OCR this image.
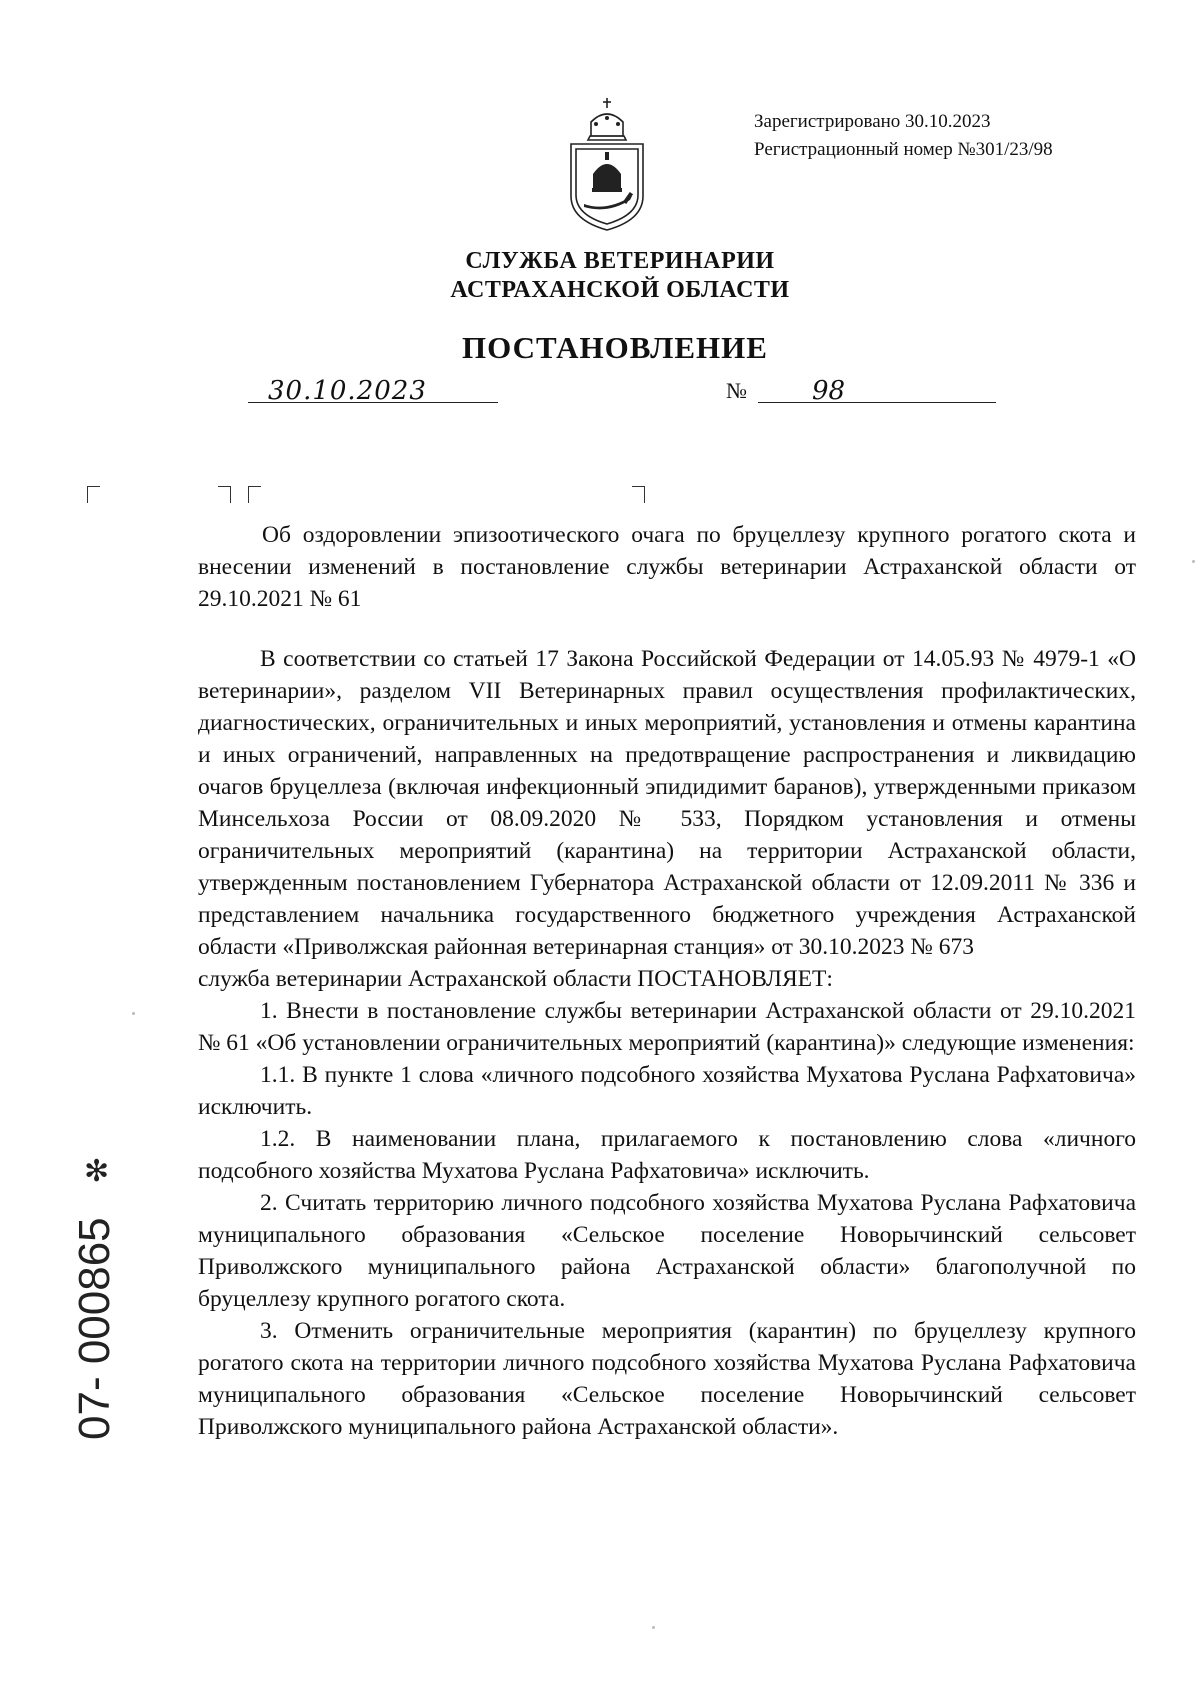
Зарегистрировано 30.10.2023
Регистрационный номер №301/23/98
СЛУЖБА ВЕТЕРИНАРИИ
АСТРАХАНСКОЙ ОБЛАСТИ
ПОСТАНОВЛЕНИЕ
30.10.2023	№	98
Об оздоровлении эпизоотического очага по бруцеллезу крупного рогатого скота и внесении изменений в постановление службы ветеринарии Астраханской области от 29.10.2021 № 61

В соответствии со статьей 17 Закона Российской Федерации от 14.05.93 № 4979-1 «О ветеринарии», разделом VII Ветеринарных правил осуществления профилактических, диагностических, ограничительных и иных мероприятий, установления и отмены карантина и иных ограничений, направленных на предотвращение распространения и ликвидацию очагов бруцеллеза (включая инфекционный эпидидимит баранов), утвержденными приказом Минсельхоза России от 08.09.2020 № 533, Порядком установления и отмены ограничительных мероприятий (карантина) на территории Астраханской области, утвержденным постановлением Губернатора Астраханской области от 12.09.2011 № 336 и представлением начальника государственного бюджетного учреждения Астраханской области «Приволжская районная ветеринарная станция» от 30.10.2023 № 673

служба ветеринарии Астраханской области ПОСТАНОВЛЯЕТ:

1. Внести в постановление службы ветеринарии Астраханской области от 29.10.2021 № 61 «Об установлении ограничительных мероприятий (карантина)» следующие изменения:

1.1. В пункте 1 слова «личного подсобного хозяйства Мухатова Руслана Рафхатовича» исключить.

1.2. В наименовании плана, прилагаемого к постановлению слова «личного подсобного хозяйства Мухатова Руслана Рафхатовича» исключить.

2. Считать территорию личного подсобного хозяйства Мухатова Руслана Рафхатовича муниципального образования «Сельское поселение Новорычинский сельсовет Приволжского муниципального района Астраханской области» благополучной по бруцеллезу крупного рогатого скота.

3. Отменить ограничительные мероприятия (карантин) по бруцеллезу крупного рогатого скота на территории личного подсобного хозяйства Мухатова Руслана Рафхатовича муниципального образования «Сельское поселение Новорычинский сельсовет Приволжского муниципального района Астраханской области».

✻
07- 000865
